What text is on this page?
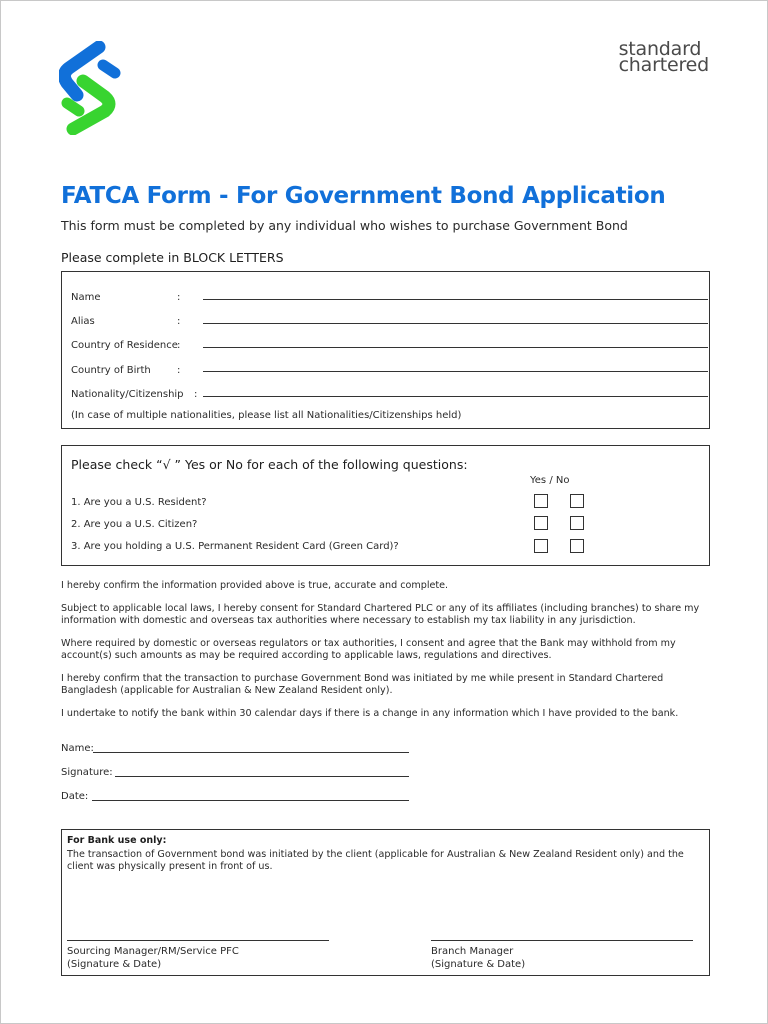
standard
chartered
FATCA Form - For Government Bond Application
This form must be completed by any individual who wishes to purchase Government Bond
Please complete in BLOCK LETTERS
Name	:
Alias	:
Country of Residence :
Country of Birth	:
Nationality/Citizenship :
(In case of multiple nationalities, please list all Nationalities/Citizenships held)
Please check “√ ” Yes or No for each of the following questions:
Yes / No
1. Are you a U.S. Resident?
2. Are you a U.S. Citizen?
3. Are you holding a U.S. Permanent Resident Card (Green Card)?
I hereby confirm the information provided above is true, accurate and complete.
Subject to applicable local laws, I hereby consent for Standard Chartered PLC or any of its affiliates (including branches) to share my information with domestic and overseas tax authorities where necessary to establish my tax liability in any jurisdiction.
Where required by domestic or overseas regulators or tax authorities, I consent and agree that the Bank may withhold from my account(s) such amounts as may be required according to applicable laws, regulations and directives.
I hereby confirm that the transaction to purchase Government Bond was initiated by me while present in Standard Chartered Bangladesh (applicable for Australian & New Zealand Resident only).
I undertake to notify the bank within 30 calendar days if there is a change in any information which I have provided to the bank.
Name:
Signature:
Date:
For Bank use only:
The transaction of Government bond was initiated by the client (applicable for Australian & New Zealand Resident only) and the client was physically present in front of us.
Sourcing Manager/RM/Service PFC
(Signature & Date)
Branch Manager
(Signature & Date)
